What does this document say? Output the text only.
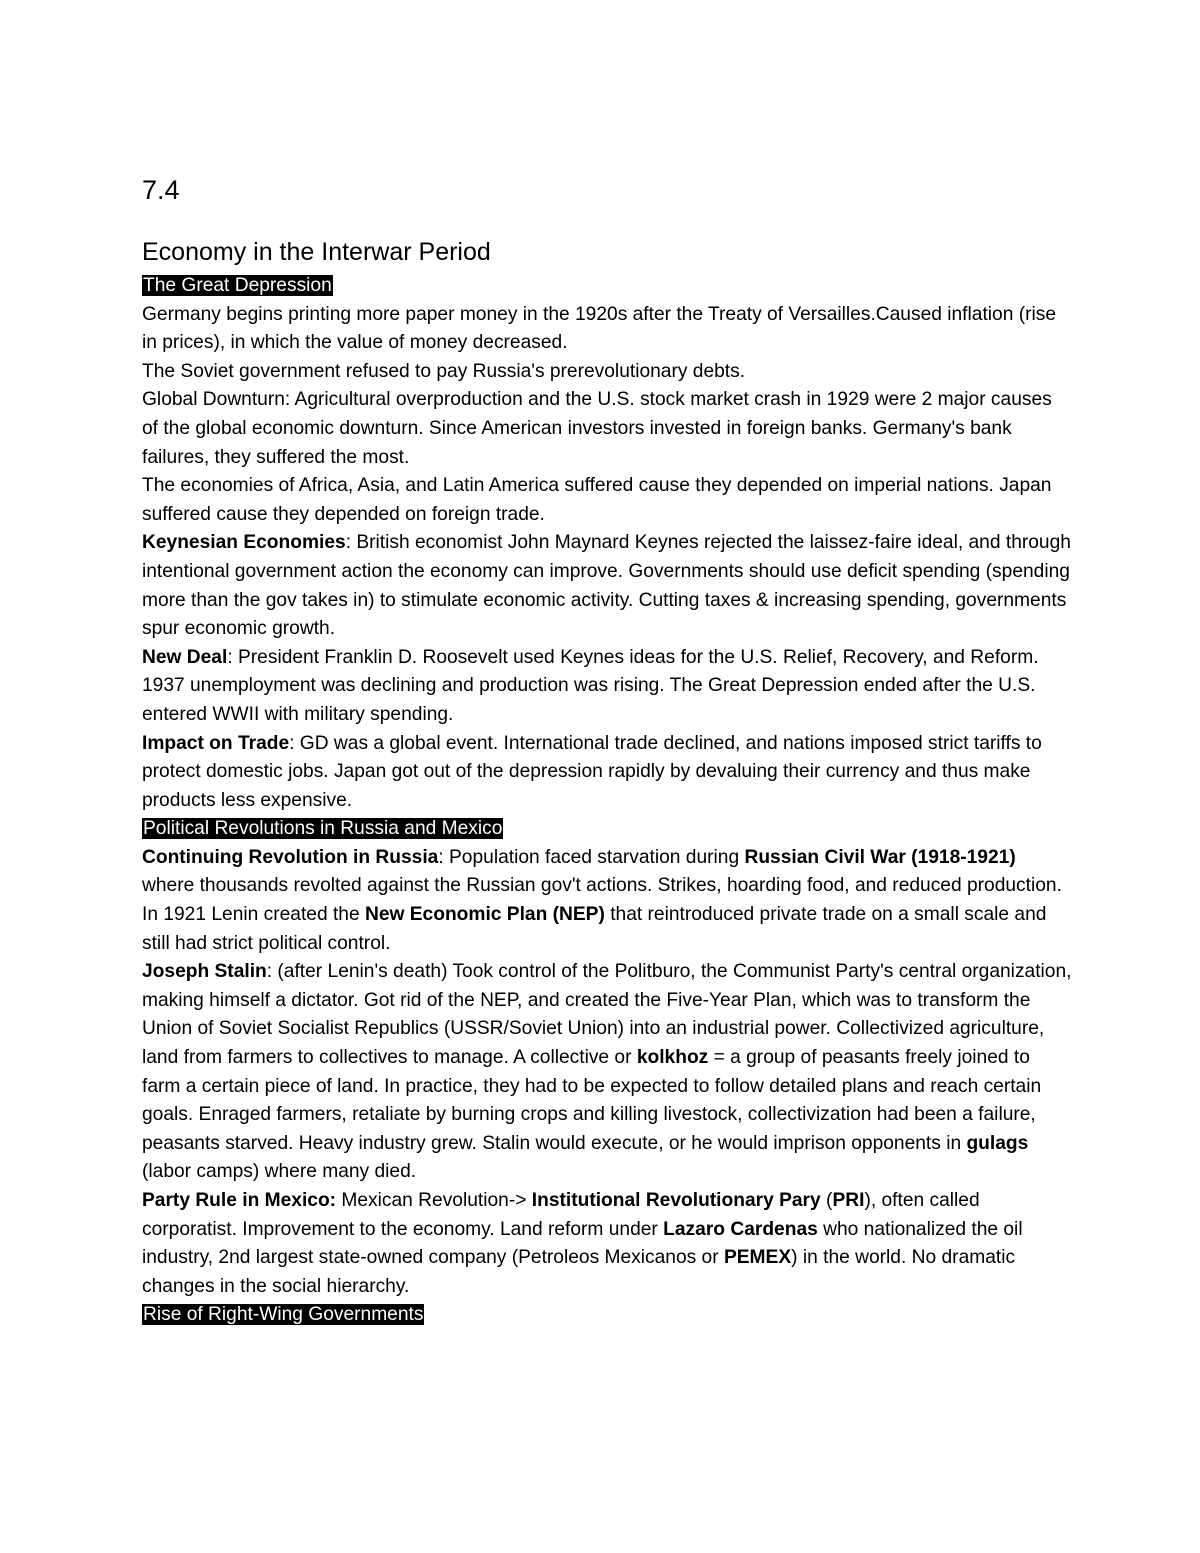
7.4
Economy in the Interwar Period

The Great Depression

Germany begins printing more paper money in the 1920s after the Treaty of Versailles.Caused inflation (rise in prices), in which the value of money decreased.

The Soviet government refused to pay Russia's prerevolutionary debts.

Global Downturn: Agricultural overproduction and the U.S. stock market crash in 1929 were 2 major causes of the global economic downturn. Since American investors invested in foreign banks. Germany's bank failures, they suffered the most.

The economies of Africa, Asia, and Latin America suffered cause they depended on imperial nations. Japan suffered cause they depended on foreign trade.

Keynesian Economies: British economist John Maynard Keynes rejected the laissez-faire ideal, and through intentional government action the economy can improve. Governments should use deficit spending (spending more than the gov takes in) to stimulate economic activity. Cutting taxes & increasing spending, governments spur economic growth.

New Deal: President Franklin D. Roosevelt used Keynes ideas for the U.S. Relief, Recovery, and Reform. 1937 unemployment was declining and production was rising. The Great Depression ended after the U.S. entered WWII with military spending.

Impact on Trade: GD was a global event. International trade declined, and nations imposed strict tariffs to protect domestic jobs. Japan got out of the depression rapidly by devaluing their currency and thus make products less expensive.

Political Revolutions in Russia and Mexico

Continuing Revolution in Russia: Population faced starvation during Russian Civil War (1918-1921) where thousands revolted against the Russian gov't actions. Strikes, hoarding food, and reduced production.

In 1921 Lenin created the New Economic Plan (NEP) that reintroduced private trade on a small scale and still had strict political control.

Joseph Stalin: (after Lenin's death) Took control of the Politburo, the Communist Party's central organization, making himself a dictator. Got rid of the NEP, and created the Five-Year Plan, which was to transform the Union of Soviet Socialist Republics (USSR/Soviet Union) into an industrial power. Collectivized agriculture, land from farmers to collectives to manage. A collective or kolkhoz = a group of peasants freely joined to farm a certain piece of land. In practice, they had to be expected to follow detailed plans and reach certain goals. Enraged farmers, retaliate by burning crops and killing livestock, collectivization had been a failure, peasants starved. Heavy industry grew. Stalin would execute, or he would imprison opponents in gulags (labor camps) where many died.

Party Rule in Mexico: Mexican Revolution-> Institutional Revolutionary Pary (PRI), often called corporatist. Improvement to the economy. Land reform under Lazaro Cardenas who nationalized the oil industry, 2nd largest state-owned company (Petroleos Mexicanos or PEMEX) in the world. No dramatic changes in the social hierarchy.

Rise of Right-Wing Governments
